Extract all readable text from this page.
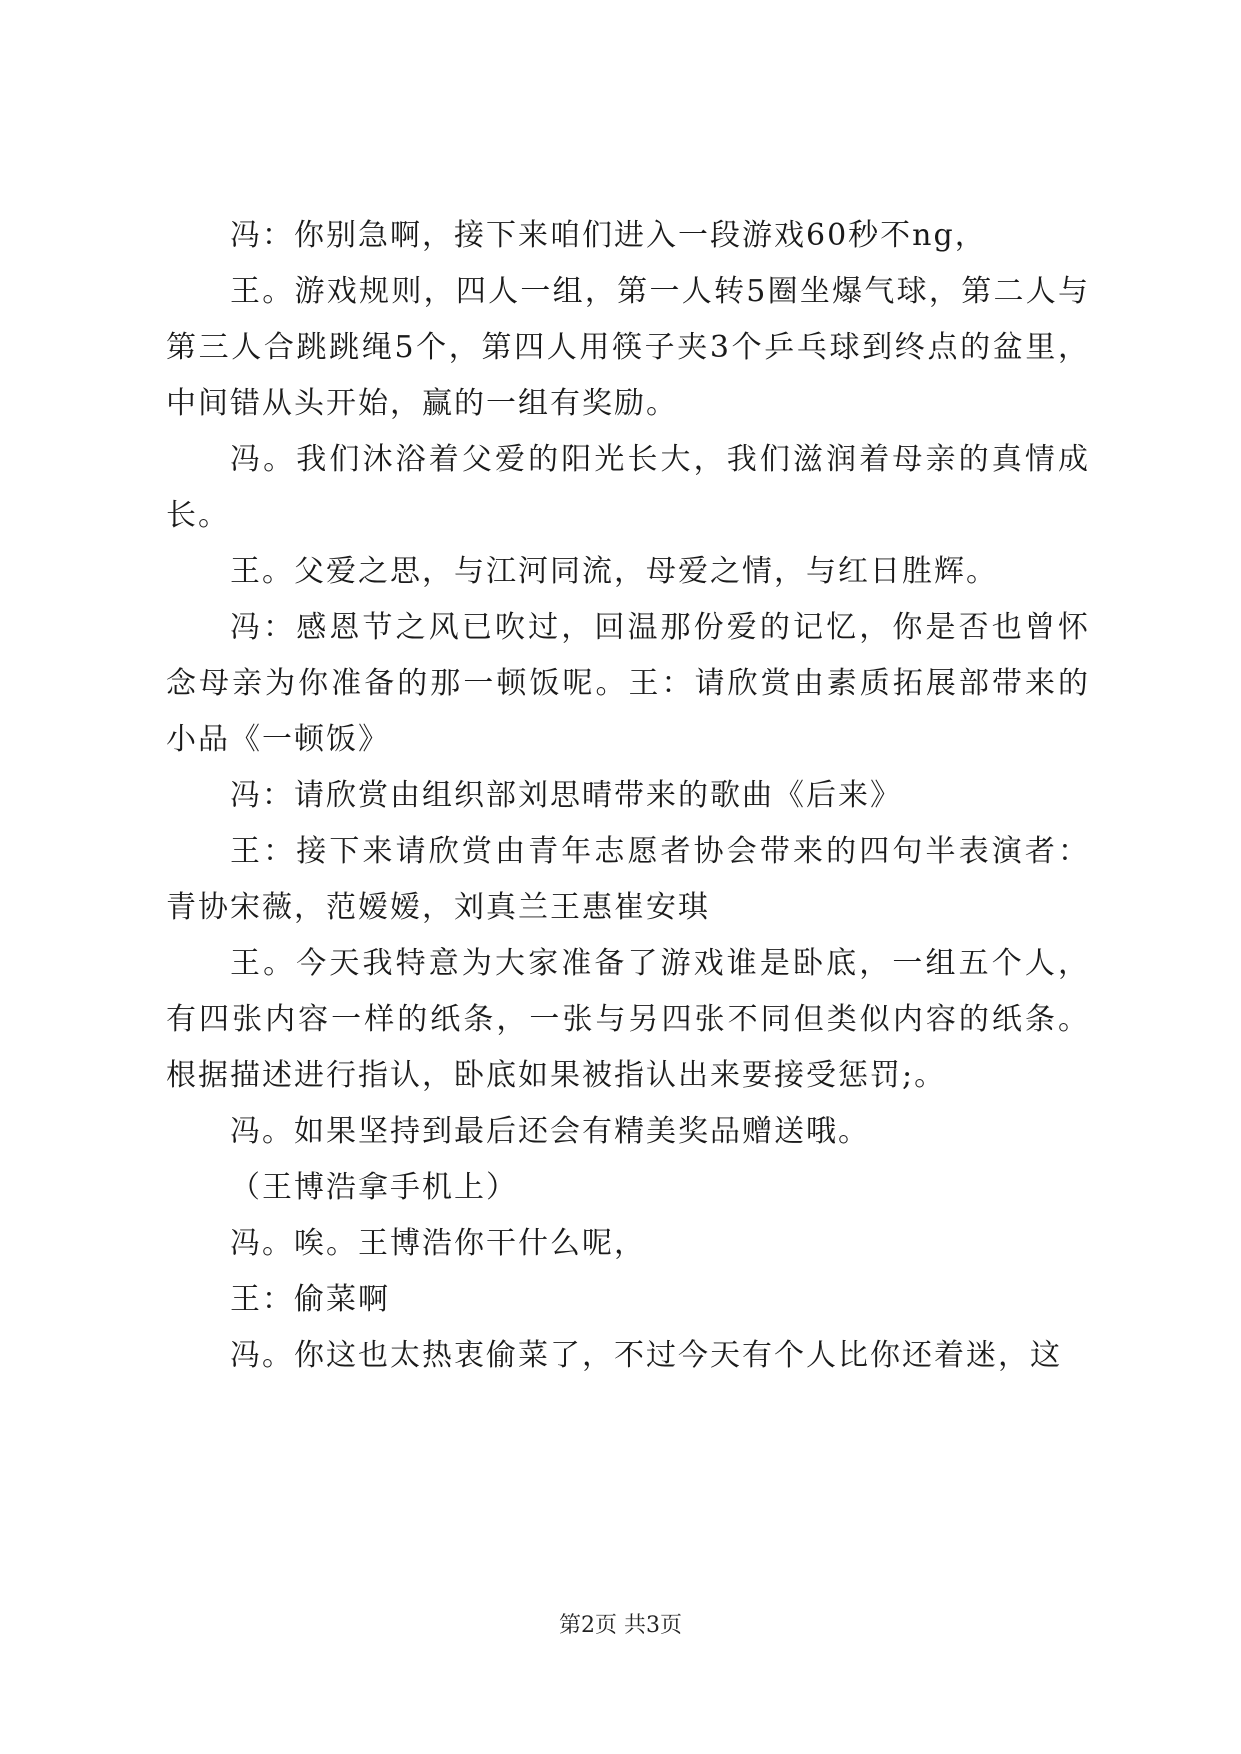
冯：你别急啊，接下来咱们进入一段游戏60秒不ng，

王。游戏规则，四人一组，第一人转5圈坐爆气球，第二人与第三人合跳跳绳5个，第四人用筷子夹3个乒乓球到终点的盆里，中间错从头开始，赢的一组有奖励。

冯。我们沐浴着父爱的阳光长大，我们滋润着母亲的真情成长。

王。父爱之思，与江河同流，母爱之情，与红日胜辉。

冯：感恩节之风已吹过，回温那份爱的记忆，你是否也曾怀念母亲为你准备的那一顿饭呢。王：请欣赏由素质拓展部带来的小品《一顿饭》

冯：请欣赏由组织部刘思晴带来的歌曲《后来》

王：接下来请欣赏由青年志愿者协会带来的四句半表演者：青协宋薇，范嫒嫒，刘真兰王惠崔安琪

王。今天我特意为大家准备了游戏谁是卧底，一组五个人，有四张内容一样的纸条，一张与另四张不同但类似内容的纸条。根据描述进行指认，卧底如果被指认出来要接受惩罚;。

冯。如果坚持到最后还会有精美奖品赠送哦。

（王博浩拿手机上）

冯。唉。王博浩你干什么呢，

王：偷菜啊

冯。你这也太热衷偷菜了，不过今天有个人比你还着迷，这

第2页 共3页
